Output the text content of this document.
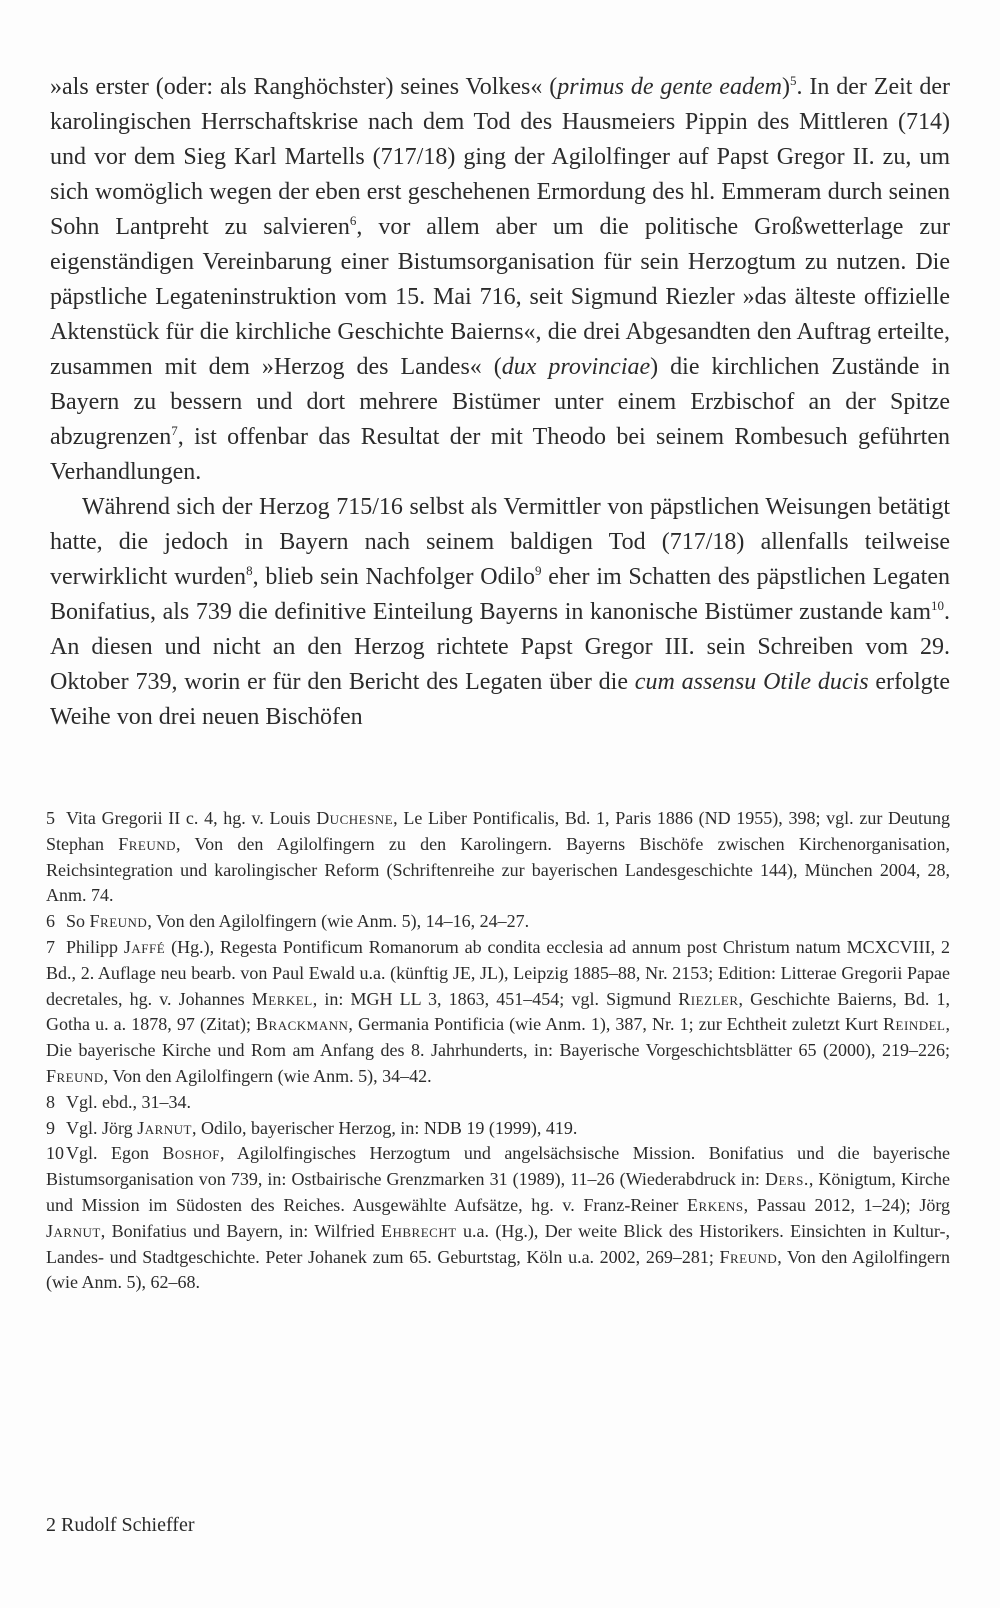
»als erster (oder: als Ranghöchster) seines Volkes« (primus de gente eadem)$^5$. In der Zeit der karolingischen Herrschaftskrise nach dem Tod des Hausmeiers Pippin des Mittleren (714) und vor dem Sieg Karl Martells (717/18) ging der Agilolfinger auf Papst Gregor II. zu, um sich womöglich wegen der eben erst geschehenen Ermordung des hl. Emmeram durch seinen Sohn Lantpreht zu salvieren$^6$, vor allem aber um die politische Großwetterlage zur eigenständigen Vereinbarung einer Bistumsorganisation für sein Herzogtum zu nutzen. Die päpstliche Legateninstruktion vom 15. Mai 716, seit Sigmund Riezler »das älteste offizielle Aktenstück für die kirchliche Geschichte Baierns«, die drei Abgesandten den Auftrag erteilte, zusammen mit dem »Herzog des Landes« (dux provinciae) die kirchlichen Zustände in Bayern zu bessern und dort mehrere Bistümer unter einem Erzbischof an der Spitze abzugrenzen$^7$, ist offenbar das Resultat der mit Theodo bei seinem Rombesuch geführten Verhandlungen.

Während sich der Herzog 715/16 selbst als Vermittler von päpstlichen Weisungen betätigt hatte, die jedoch in Bayern nach seinem baldigen Tod (717/18) allenfalls teilweise verwirklicht wurden$^8$, blieb sein Nachfolger Odilo$^9$ eher im Schatten des päpstlichen Legaten Bonifatius, als 739 die definitive Einteilung Bayerns in kanonische Bistümer zustande kam$^{10}$. An diesen und nicht an den Herzog richtete Papst Gregor III. sein Schreiben vom 29. Oktober 739, worin er für den Bericht des Legaten über die cum assensu Otile ducis erfolgte Weihe von drei neuen Bischöfen

5 Vita Gregorii II c. 4, hg. v. Louis Duchesne, Le Liber Pontificalis, Bd. 1, Paris 1886 (ND 1955), 398; vgl. zur Deutung Stephan Freund, Von den Agilolfingern zu den Karolingern. Bayerns Bischöfe zwischen Kirchenorganisation, Reichsintegration und karolingischer Reform (Schriftenreihe zur bayerischen Landesgeschichte 144), München 2004, 28, Anm. 74.

6 So Freund, Von den Agilolfingern (wie Anm. 5), 14–16, 24–27.

7 Philipp Jaffé (Hg.), Regesta Pontificum Romanorum ab condita ecclesia ad annum post Christum natum MCXCVIII, 2 Bd., 2. Auflage neu bearb. von Paul Ewald u.a. (künftig JE, JL), Leipzig 1885–88, Nr. 2153; Edition: Litterae Gregorii Papae decretales, hg. v. Johannes Merkel, in: MGH LL 3, 1863, 451–454; vgl. Sigmund Riezler, Geschichte Baierns, Bd. 1, Gotha u. a. 1878, 97 (Zitat); Brackmann, Germania Pontificia (wie Anm. 1), 387, Nr. 1; zur Echtheit zuletzt Kurt Reindel, Die bayerische Kirche und Rom am Anfang des 8. Jahrhunderts, in: Bayerische Vorgeschichtsblätter 65 (2000), 219–226; Freund, Von den Agilolfingern (wie Anm. 5), 34–42.

8 Vgl. ebd., 31–34.

9 Vgl. Jörg Jarnut, Odilo, bayerischer Herzog, in: NDB 19 (1999), 419.

10 Vgl. Egon Boshof, Agilolfingisches Herzogtum und angelsächsische Mission. Bonifatius und die bayerische Bistumsorganisation von 739, in: Ostbairische Grenzmarken 31 (1989), 11–26 (Wiederabdruck in: Ders., Königtum, Kirche und Mission im Südosten des Reiches. Ausgewählte Aufsätze, hg. v. Franz-Reiner Erkens, Passau 2012, 1–24); Jörg Jarnut, Bonifatius und Bayern, in: Wilfried Ehbrecht u.a. (Hg.), Der weite Blick des Historikers. Einsichten in Kultur-, Landes- und Stadtgeschichte. Peter Johanek zum 65. Geburtstag, Köln u.a. 2002, 269–281; Freund, Von den Agilolfingern (wie Anm. 5), 62–68.

2 Rudolf Schieffer
